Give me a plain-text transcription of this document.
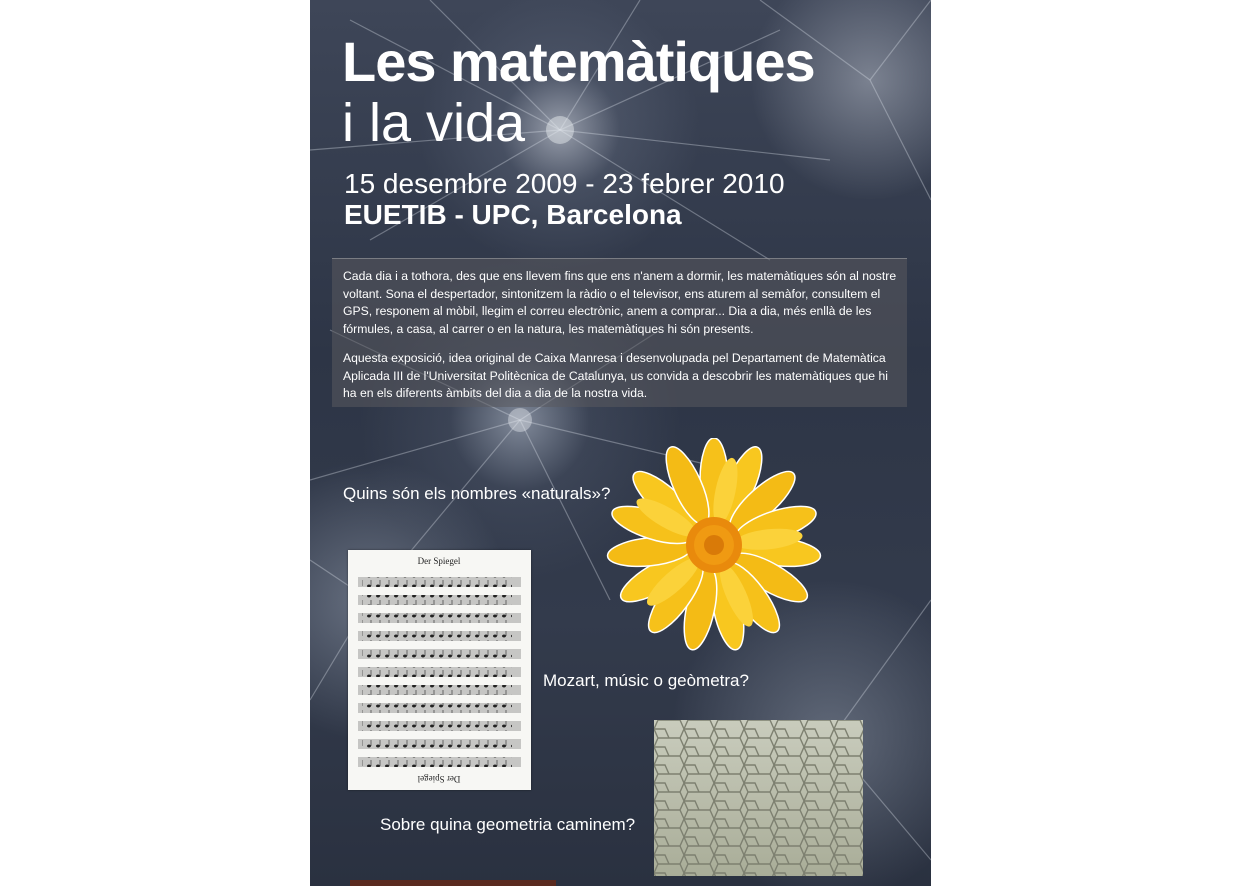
Les matemàtiques
i la vida
15 desembre 2009 - 23 febrer 2010
EUETIB - UPC, Barcelona
Cada dia i a tothora, des que ens llevem fins que ens n'anem a dormir, les matemàtiques són al nostre voltant. Sona el despertador, sintonitzem la ràdio o el televisor, ens aturem al semàfor, consultem el GPS, responem al mòbil, llegim el correu electrònic, anem a comprar... Dia a dia, més enllà de les fórmules, a casa, al carrer o en la natura, les matemàtiques hi són presents.
Aquesta exposició, idea original de Caixa Manresa i desenvolupada pel Departament de Matemàtica Aplicada III de l'Universitat Politècnica de Catalunya, us convida a descobrir les matemàtiques que hi ha en els diferents àmbits del dia a dia de la nostra vida.
Quins són els nombres «naturals»?
Der Spiegel
Der Spiegel
Mozart, músic o geòmetra?
Sobre quina geometria caminem?
